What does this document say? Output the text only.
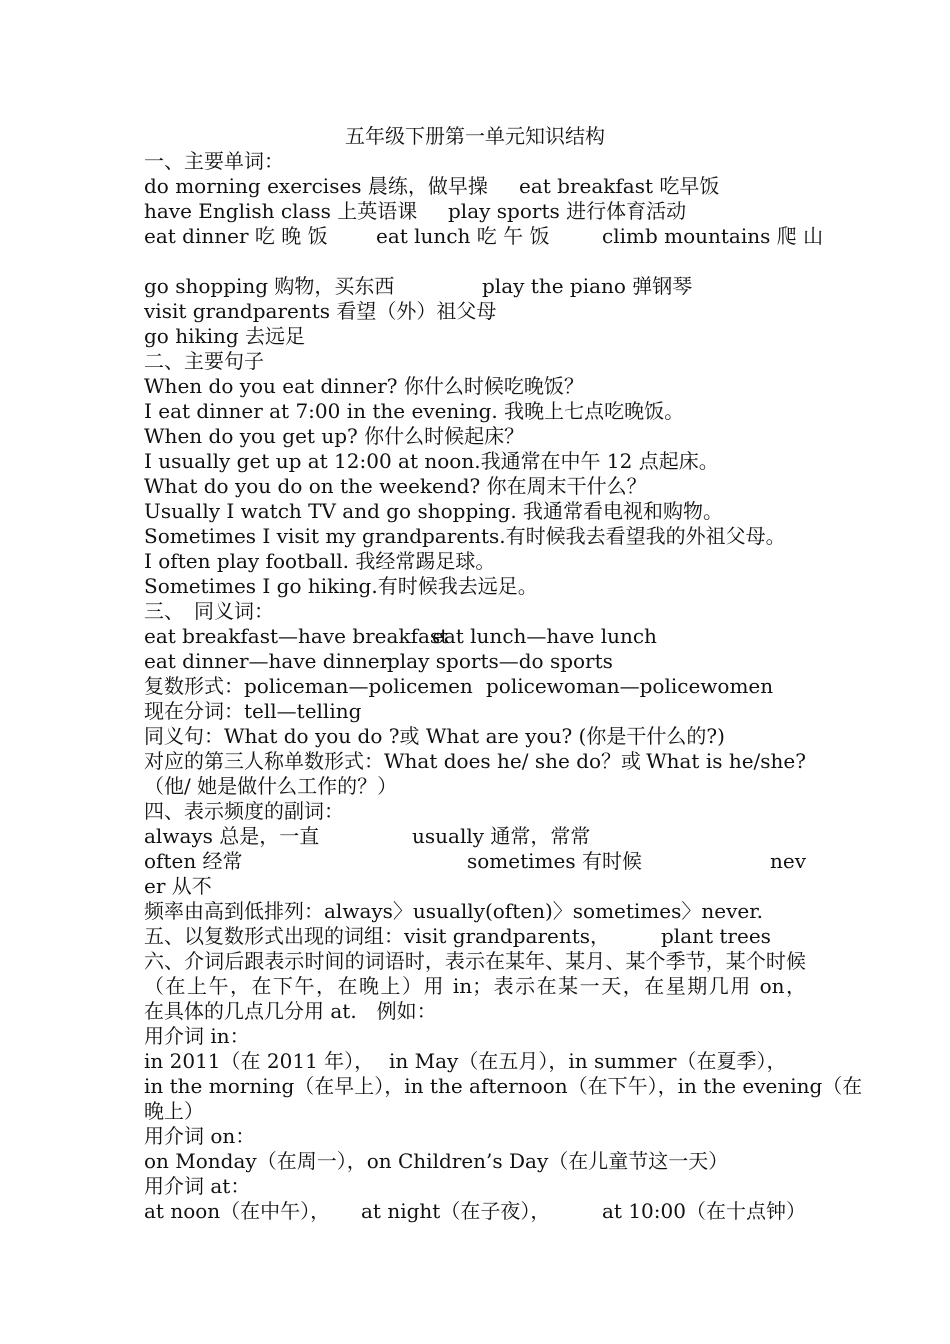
五年级下册第一单元知识结构
一、主要单词：
do morning exercises 晨练，做早操 eat breakfast 吃早饭
have English class 上英语课 play sports 进行体育活动
eat dinner 吃 晚 饭 eat lunch 吃 午 饭	climb mountains 爬 山
go shopping 购物，买东西	play the piano 弹钢琴
visit grandparents 看望（外）祖父母
go hiking 去远足
二、主要句子
When do you eat dinner? 你什么时候吃晚饭？
I eat dinner at 7:00 in the evening. 我晚上七点吃晚饭。
When do you get up? 你什么时候起床？
I usually get up at 12:00 at noon.我通常在中午 12 点起床。
What do you do on the weekend? 你在周末干什么？
Usually I watch TV and go shopping. 我通常看电视和购物。
Sometimes I visit my grandparents.有时候我去看望我的外祖父母。
I often play football. 我经常踢足球。
Sometimes I go hiking.有时候我去远足。
三、　同义词：
eat breakfast—have breakfast
eat lunch—have lunch
eat dinner—have dinner
play sports—do sports
复数形式：policeman—policemen policewoman—policewomen
现在分词：tell—telling
同义句：What do you do ?或 What are you? (你是干什么的?)
对应的第三人称单数形式：What does he/ she do？或 What is he/she?
（他/ 她是做什么工作的？）
四、表示频度的副词：
always 总是，一直	usually 通常，常常
often 经常	sometimes 有时候	nev
er 从不
频率由高到低排列：always〉usually(often)〉sometimes〉never.
五、以复数形式出现的词组：visit grandparents，	plant trees
六、介词后跟表示时间的词语时，表示在某年、某月、某个季节，某个时候（在上午，在下午，在晚上）用 in；表示在某一天，在星期几用 on，
在具体的几点几分用 at.　例如：
用介词 in：
in 2011（在 2011 年）， in May（在五月），in summer（在夏季），
in the morning（在早上），in the afternoon（在下午），in the evening（在
晚上）
用介词 on：
on Monday（在周一），on Children’s Day（在儿童节这一天）
用介词 at：
at noon（在中午）， at night（在子夜），	at 10:00（在十点钟）
